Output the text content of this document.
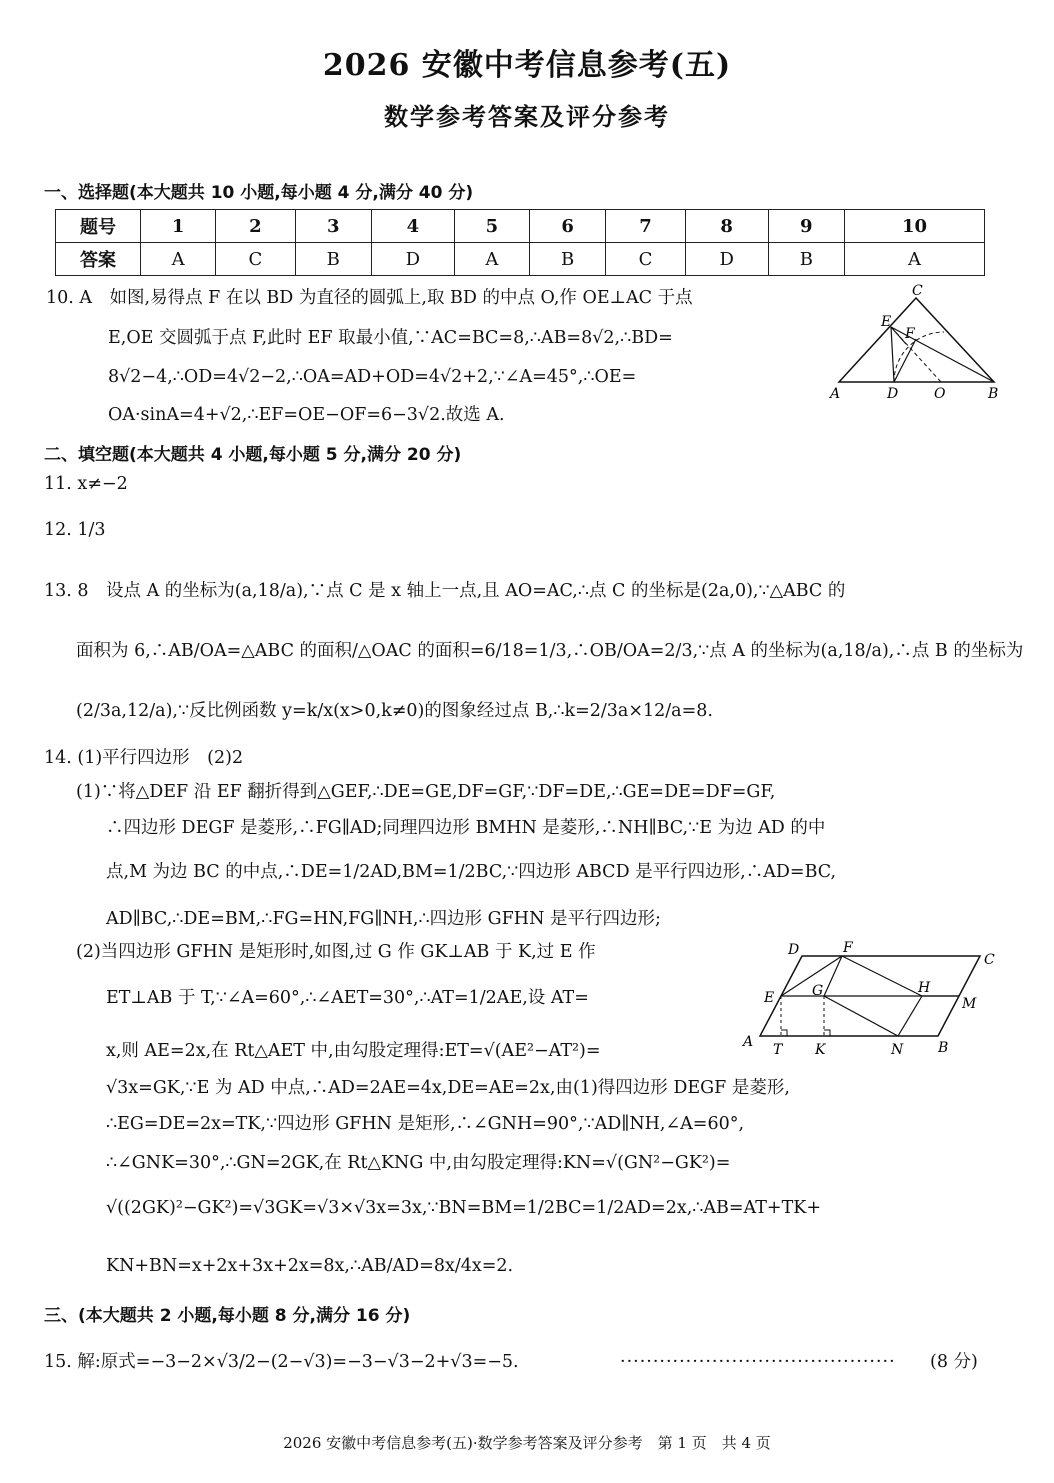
2026 安徽中考信息参考(五)
数学参考答案及评分参考
一、选择题(本大题共 10 小题,每小题 4 分,满分 40 分)
题号	1	2	3	4	5	6	7	8	9	10
答案	A	C	B	D	A	B	C	D	B	A
10. A　如图,易得点 F 在以 BD 为直径的圆弧上,取 BD 的中点 O,作 OE⊥AC 于点
E,OE 交圆弧于点 F,此时 EF 取最小值,∵AC=BC=8,∴AB=8√2,∴BD=
8√2−4,∴OD=4√2−2,∴OA=AD+OD=4√2+2,∵∠A=45°,∴OE=
OA·sinA=4+√2,∴EF=OE−OF=6−3√2.故选 A.
C
E
F
A	D	O	B
二、填空题(本大题共 4 小题,每小题 5 分,满分 20 分)
11. x≠−2
12. 1/3
13. 8　设点 A 的坐标为(a,18/a),∵点 C 是 x 轴上一点,且 AO=AC,∴点 C 的坐标是(2a,0),∵△ABC 的
面积为 6,∴AB/OA=△ABC 的面积/△OAC 的面积=6/18=1/3,∴OB/OA=2/3,∵点 A 的坐标为(a,18/a),∴点 B 的坐标为
(2/3a,12/a),∵反比例函数 y=k/x(x>0,k≠0)的图象经过点 B,∴k=2/3a×12/a=8.
14. (1)平行四边形　(2)2
(1)∵将△DEF 沿 EF 翻折得到△GEF,∴DE=GE,DF=GF,∵DF=DE,∴GE=DE=DF=GF,
∴四边形 DEGF 是菱形,∴FG∥AD;同理四边形 BMHN 是菱形,∴NH∥BC,∵E 为边 AD 的中
点,M 为边 BC 的中点,∴DE=1/2AD,BM=1/2BC,∵四边形 ABCD 是平行四边形,∴AD=BC,
AD∥BC,∴DE=BM,∴FG=HN,FG∥NH,∴四边形 GFHN 是平行四边形;
(2)当四边形 GFHN 是矩形时,如图,过 G 作 GK⊥AB 于 K,过 E 作
ET⊥AB 于 T,∵∠A=60°,∴∠AET=30°,∴AT=1/2AE,设 AT=
x,则 AE=2x,在 Rt△AET 中,由勾股定理得:ET=√(AE²−AT²)=
√3x=GK,∵E 为 AD 中点,∴AD=2AE=4x,DE=AE=2x,由(1)得四边形 DEGF 是菱形,
∴EG=DE=2x=TK,∵四边形 GFHN 是矩形,∴∠GNH=90°,∵AD∥NH,∠A=60°,
∴∠GNK=30°,∴GN=2GK,在 Rt△KNG 中,由勾股定理得:KN=√(GN²−GK²)=
√((2GK)²−GK²)=√3GK=√3×√3x=3x,∵BN=BM=1/2BC=1/2AD=2x,∴AB=AT+TK+
KN+BN=x+2x+3x+2x=8x,∴AB/AD=8x/4x=2.
D	F
C
E	G	H
M
A T K	N B
三、(本大题共 2 小题,每小题 8 分,满分 16 分)
15. 解:原式=−3−2×√3/2−(2−√3)=−3−√3−2+√3=−5.	·········································· (8 分)
2026 安徽中考信息参考(五)·数学参考答案及评分参考　第 1 页　共 4 页
